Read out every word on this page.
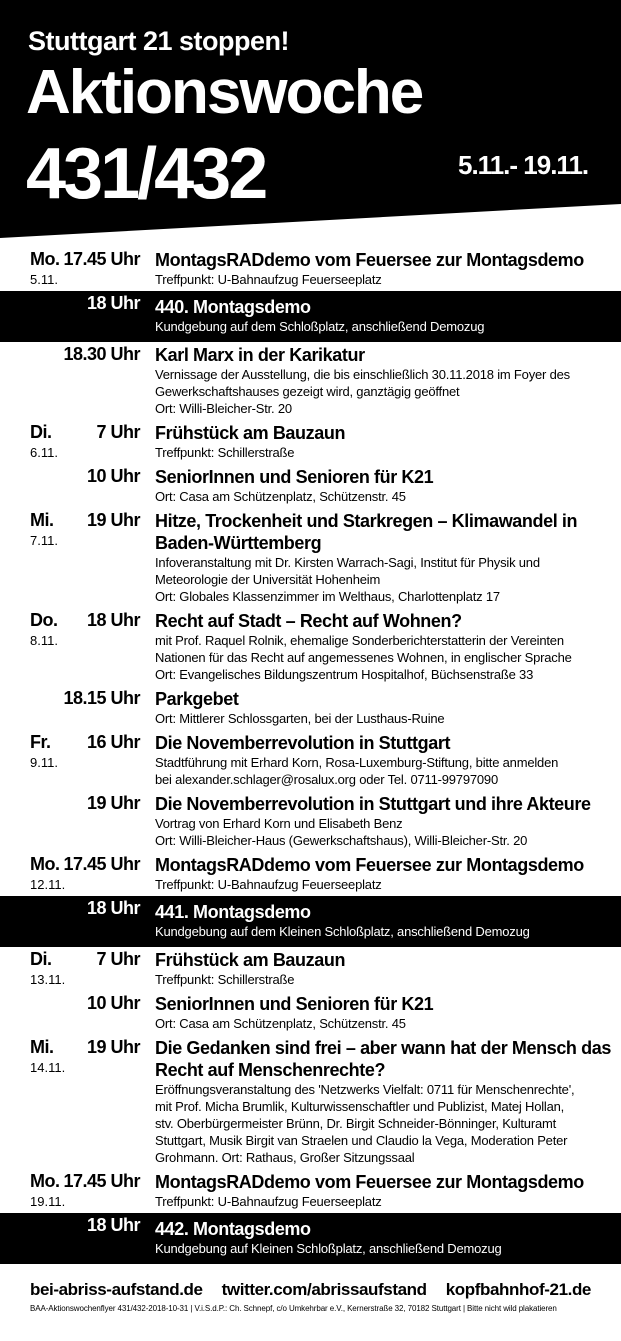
Stuttgart 21 stoppen!
Aktionswoche
431/432	5.11.- 19.11.
Mo.
5.11.
17.45 Uhr MontagsRADdemo vom Feuersee zur Montagsdemo
Treffpunkt: U-Bahnaufzug Feuerseeplatz
18 Uhr 440. Montagsdemo
Kundgebung auf dem Schloßplatz, anschließend Demozug
18.30 Uhr Karl Marx in der Karikatur
Vernissage der Ausstellung, die bis einschließlich 30.11.2018 im Foyer des
Gewerkschaftshauses gezeigt wird, ganztägig geöffnet
Ort: Willi-Bleicher-Str. 20
Di.
6.11.
7 Uhr Frühstück am Bauzaun
Treffpunkt: Schillerstraße
10 Uhr SeniorInnen und Senioren für K21
Ort: Casa am Schützenplatz, Schützenstr. 45
Mi.
7.11.
19 Uhr Hitze, Trockenheit und Starkregen – Klimawandel in Baden-Württemberg
Infoveranstaltung mit Dr. Kirsten Warrach-Sagi, Institut für Physik und
Meteorologie der Universität Hohenheim
Ort: Globales Klassenzimmer im Welthaus, Charlottenplatz 17
Do.
8.11.
18 Uhr Recht auf Stadt – Recht auf Wohnen?
mit Prof. Raquel Rolnik, ehemalige Sonderberichterstatterin der Vereinten
Nationen für das Recht auf angemessenes Wohnen, in englischer Sprache
Ort: Evangelisches Bildungszentrum Hospitalhof, Büchsenstraße 33
18.15 Uhr Parkgebet
Ort: Mittlerer Schlossgarten, bei der Lusthaus-Ruine
Fr.
9.11.
16 Uhr Die Novemberrevolution in Stuttgart
Stadtführung mit Erhard Korn, Rosa-Luxemburg-Stiftung, bitte anmelden
bei alexander.schlager@rosalux.org oder Tel. 0711-99797090
19 Uhr Die Novemberrevolution in Stuttgart und ihre Akteure
Vortrag von Erhard Korn und Elisabeth Benz
Ort: Willi-Bleicher-Haus (Gewerkschaftshaus), Willi-Bleicher-Str. 20
Mo.
12.11.
17.45 Uhr MontagsRADdemo vom Feuersee zur Montagsdemo
Treffpunkt: U-Bahnaufzug Feuerseeplatz
18 Uhr 441. Montagsdemo
Kundgebung auf dem Kleinen Schloßplatz, anschließend Demozug
Di.
13.11.
7 Uhr Frühstück am Bauzaun
Treffpunkt: Schillerstraße
10 Uhr SeniorInnen und Senioren für K21
Ort: Casa am Schützenplatz, Schützenstr. 45
Mi.
14.11.
19 Uhr Die Gedanken sind frei – aber wann hat der Mensch das Recht auf Menschenrechte?
Eröffnungsveranstaltung des 'Netzwerks Vielfalt: 0711 für Menschenrechte',
mit Prof. Micha Brumlik, Kulturwissenschaftler und Publizist, Matej Hollan,
stv. Oberbürgermeister Brünn, Dr. Birgit Schneider-Bönninger, Kulturamt
Stuttgart, Musik Birgit van Straelen und Claudio la Vega, Moderation Peter
Grohmann. Ort: Rathaus, Großer Sitzungssaal
Mo.
19.11.
17.45 Uhr MontagsRADdemo vom Feuersee zur Montagsdemo
Treffpunkt: U-Bahnaufzug Feuerseeplatz
18 Uhr 442. Montagsdemo
Kundgebung auf Kleinen Schloßplatz, anschließend Demozug
bei-abriss-aufstand.de twitter.com/abrissaufstand kopfbahnhof-21.de
BAA-Aktionswochenflyer 431/432-2018-10-31 | V.i.S.d.P.: Ch. Schnepf, c/o Umkehrbar e.V., Kernerstraße 32, 70182 Stuttgart | Bitte nicht wild plakatieren
